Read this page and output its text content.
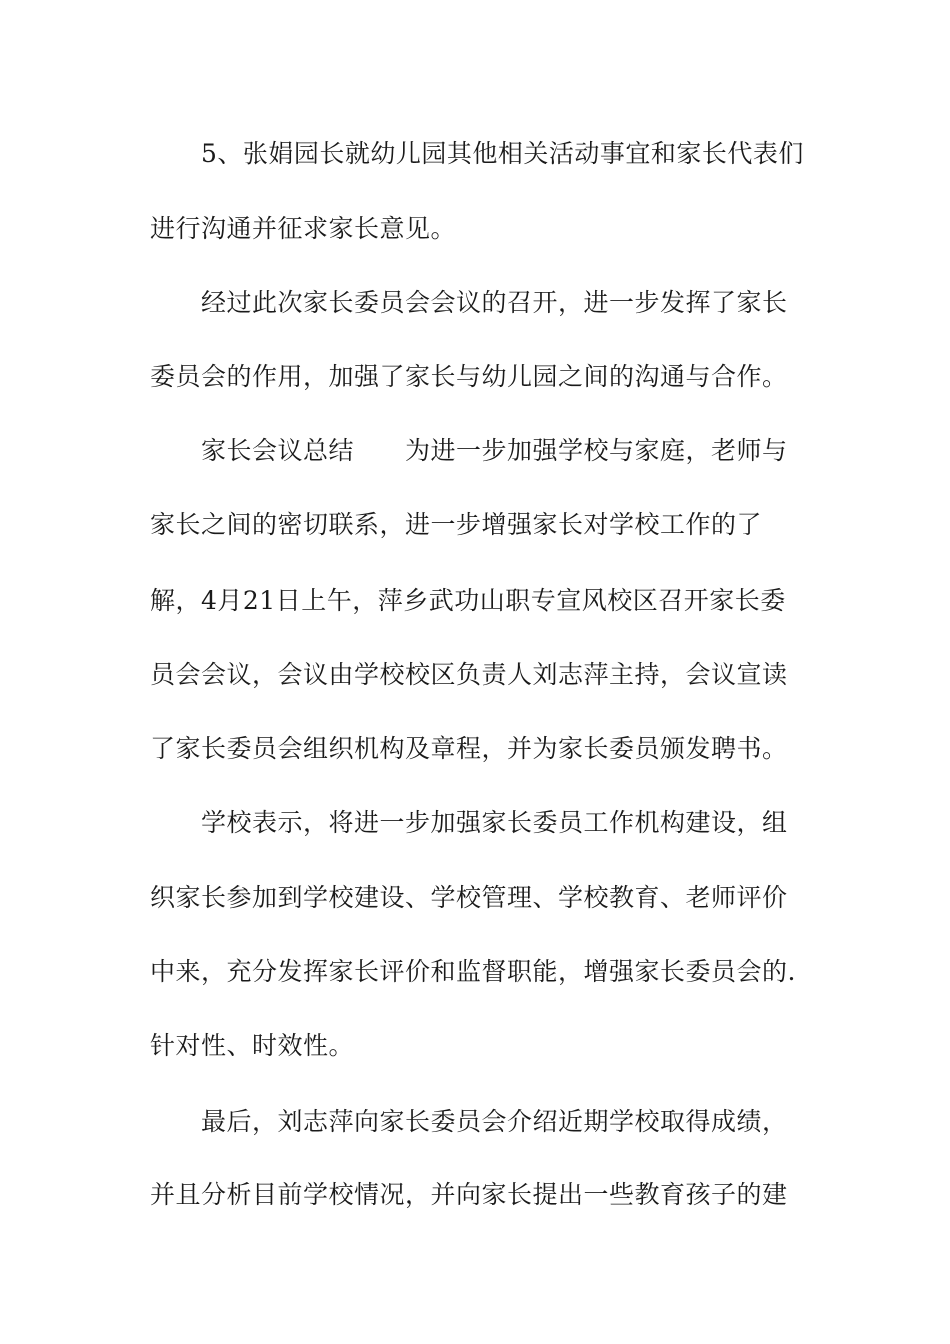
5、张娟园长就幼儿园其他相关活动事宜和家长代表们
进行沟通并征求家长意见。
经过此次家长委员会会议的召开，进一步发挥了家长
委员会的作用，加强了家长与幼儿园之间的沟通与合作。
家长会议总结　　为进一步加强学校与家庭，老师与
家长之间的密切联系，进一步增强家长对学校工作的了
解，4月21日上午，萍乡武功山职专宣风校区召开家长委
员会会议，会议由学校校区负责人刘志萍主持，会议宣读
了家长委员会组织机构及章程，并为家长委员颁发聘书。
学校表示，将进一步加强家长委员工作机构建设，组
织家长参加到学校建设、学校管理、学校教育、老师评价
中来，充分发挥家长评价和监督职能，增强家长委员会的.
针对性、时效性。
最后，刘志萍向家长委员会介绍近期学校取得成绩，
并且分析目前学校情况，并向家长提出一些教育孩子的建
